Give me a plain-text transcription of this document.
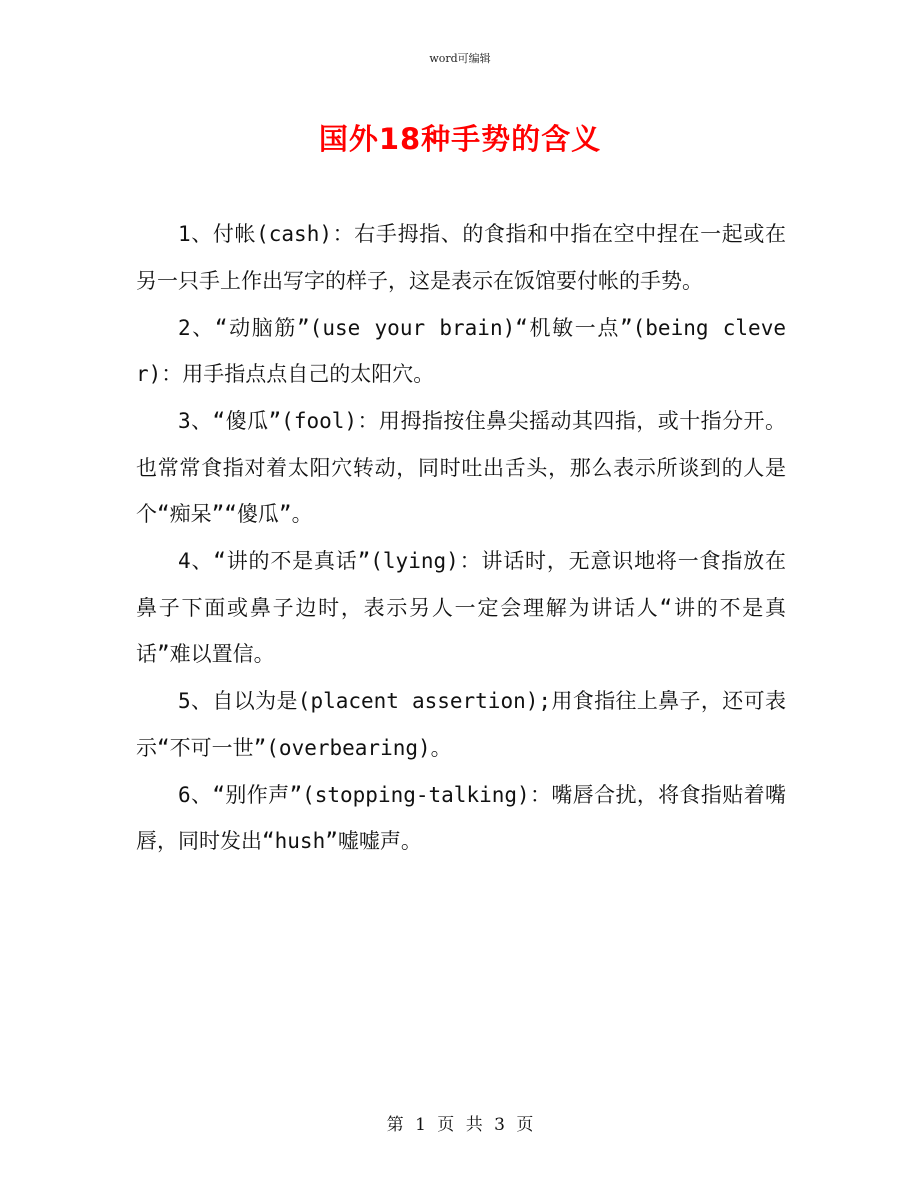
word可编辑
国外18种手势的含义

1、付帐(cash)：右手拇指、的食指和中指在空中捏在一起或在另一只手上作出写字的样子，这是表示在饭馆要付帐的手势。

2、“动脑筋”(use your brain)“机敏一点”(being clever)：用手指点点自己的太阳穴。

3、“傻瓜”(fool)：用拇指按住鼻尖摇动其四指，或十指分开。也常常食指对着太阳穴转动，同时吐出舌头，那么表示所谈到的人是个“痴呆”“傻瓜”。

4、“讲的不是真话”(lying)：讲话时，无意识地将一食指放在鼻子下面或鼻子边时，表示另人一定会理解为讲话人“讲的不是真话”难以置信。

5、自以为是(placent assertion);用食指往上鼻子，还可表示“不可一世”(overbearing)。

6、“别作声”(stopping-talking)：嘴唇合扰，将食指贴着嘴唇，同时发出“hush”嘘嘘声。

第 1 页 共 3 页
